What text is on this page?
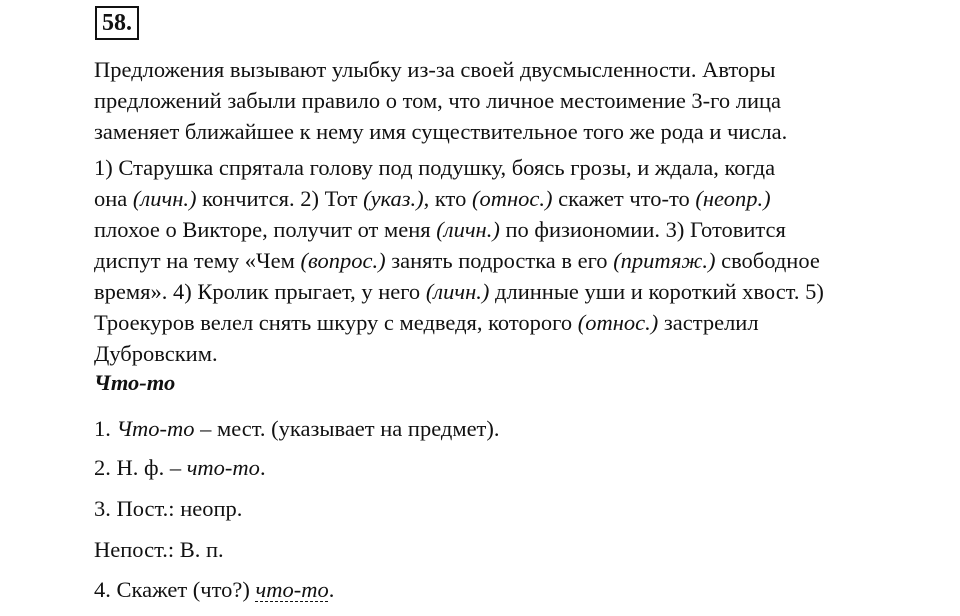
58.
Предложения вызывают улыбку из-за своей двусмысленности. Авторы
предложений забыли правило о том, что личное местоимение 3-го лица
заменяет ближайшее к нему имя существительное того же рода и числа.
1) Старушка спрятала голову под подушку, боясь грозы, и ждала, когда
она (личн.) кончится. 2) Тот (указ.), кто (относ.) скажет что-то (неопр.)
плохое о Викторе, получит от меня (личн.) по физиономии. 3) Готовится
диспут на тему «Чем (вопрос.) занять подростка в его (притяж.) свободное
время». 4) Кролик прыгает, у него (личн.) длинные уши и короткий хвост. 5)
Троекуров велел снять шкуру с медведя, которого (относ.) застрелил
Дубровским.

Что-то

1. Что-то – мест. (указывает на предмет).

2. Н. ф. – что-то.

3. Пост.: неопр.

Непост.: В. п.

4. Скажет (что?) что-то.
